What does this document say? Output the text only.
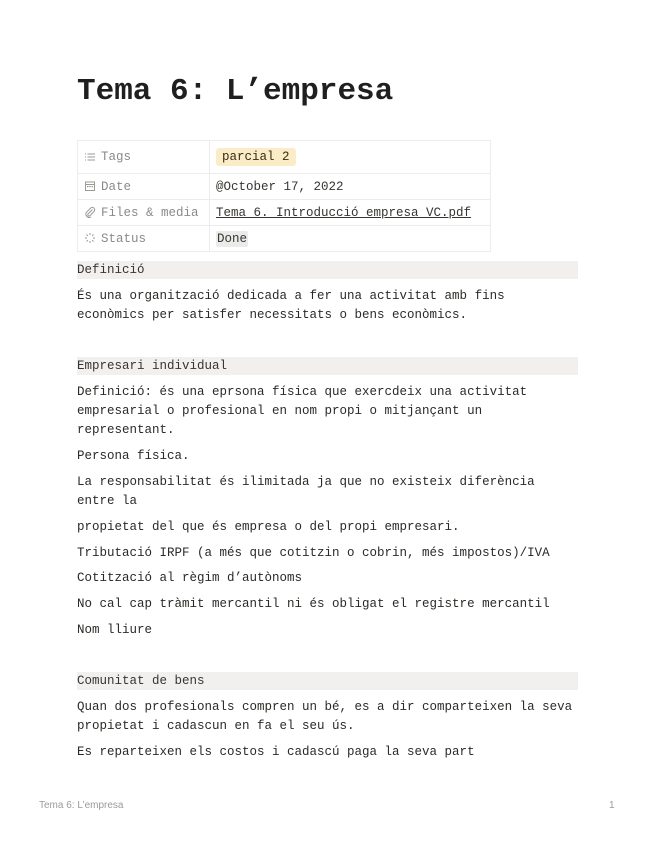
Tema 6: L’empresa
Tags	parcial 2
Date	@October 17, 2022
Files & media	Tema 6. Introducció empresa VC.pdf
Status	Done
Definició

És una organització dedicada a fer una activitat amb fins econòmics per satisfer necessitats o bens econòmics.

Empresari individual

Definició: és una eprsona física que exercdeix una activitat empresarial o profesional en nom propi o mitjançant un representant.

Persona física.

La responsabilitat és ilimitada ja que no existeix diferència entre la

propietat del que és empresa o del propi empresari.

Tributació IRPF (a més que cotitzin o cobrin, més impostos)/IVA

Cotització al règim d’autònoms

No cal cap tràmit mercantil ni és obligat el registre mercantil

Nom lliure

Comunitat de bens

Quan dos profesionals compren un bé, es a dir comparteixen la seva propietat i cadascun en fa el seu ús.

Es reparteixen els costos i cadascú paga la seva part

Tema 6: L’empresa	1
